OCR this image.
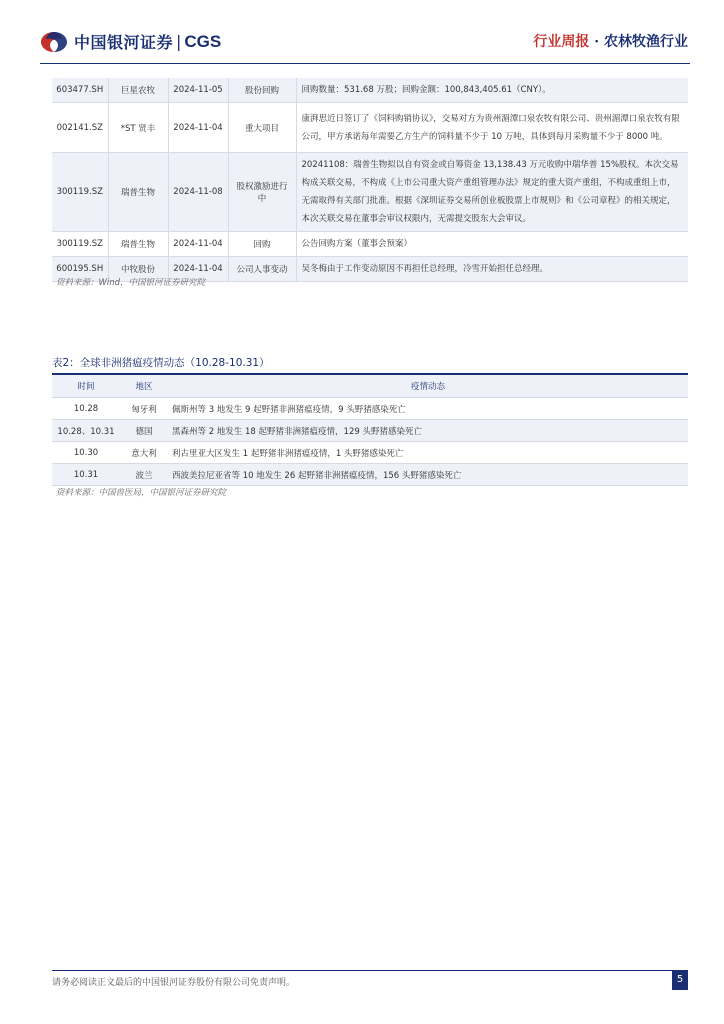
中国银河证券 | CGS	行业周报 · 农林牧渔行业
603477.SH	巨星农牧	2024-11-05	股份回购	回购数量：531.68 万股；回购金额：100,843,405.61（CNY）。
002141.SZ	*ST 贤丰	2024-11-04	重大项目	康湃思近日签订了《饲料购销协议》，交易对方为贵州湄潭口泉农牧有限公司、贵州湄潭口泉农牧有限公司，甲方承诺每年需要乙方生产的饲料量不少于 10 万吨，具体到每月采购量不少于 8000 吨。
300119.SZ	瑞普生物	2024-11-08	股权激励进行中	20241108：瑞普生物拟以自有资金或自筹资金 13,138.43 万元收购中瑞华普 15%股权。本次交易构成关联交易，不构成《上市公司重大资产重组管理办法》规定的重大资产重组，不构成重组上市，无需取得有关部门批准。根据《深圳证券交易所创业板股票上市规则》和《公司章程》的相关规定，本次关联交易在董事会审议权限内，无需提交股东大会审议。
300119.SZ	瑞普生物	2024-11-04	回购	公告回购方案（董事会预案）
600195.SH	中牧股份	2024-11-04	公司人事变动	吴冬梅由于工作变动原因不再担任总经理，冷雪开始担任总经理。
资料来源：Wind，中国银河证券研究院
表2：全球非洲猪瘟疫情动态（10.28-10.31）
时间	地区	疫情动态
10.28	匈牙利	佩斯州等 3 地发生 9 起野猪非洲猪瘟疫情，9 头野猪感染死亡
10.28、10.31	德国	黑森州等 2 地发生 18 起野猪非洲猪瘟疫情，129 头野猪感染死亡
10.30	意大利	利古里亚大区发生 1 起野猪非洲猪瘟疫情，1 头野猪感染死亡
10.31	波兰	西波美拉尼亚省等 10 地发生 26 起野猪非洲猪瘟疫情，156 头野猪感染死亡
资料来源：中国兽医局，中国银河证券研究院
请务必阅读正文最后的中国银河证券股份有限公司免责声明。	5
